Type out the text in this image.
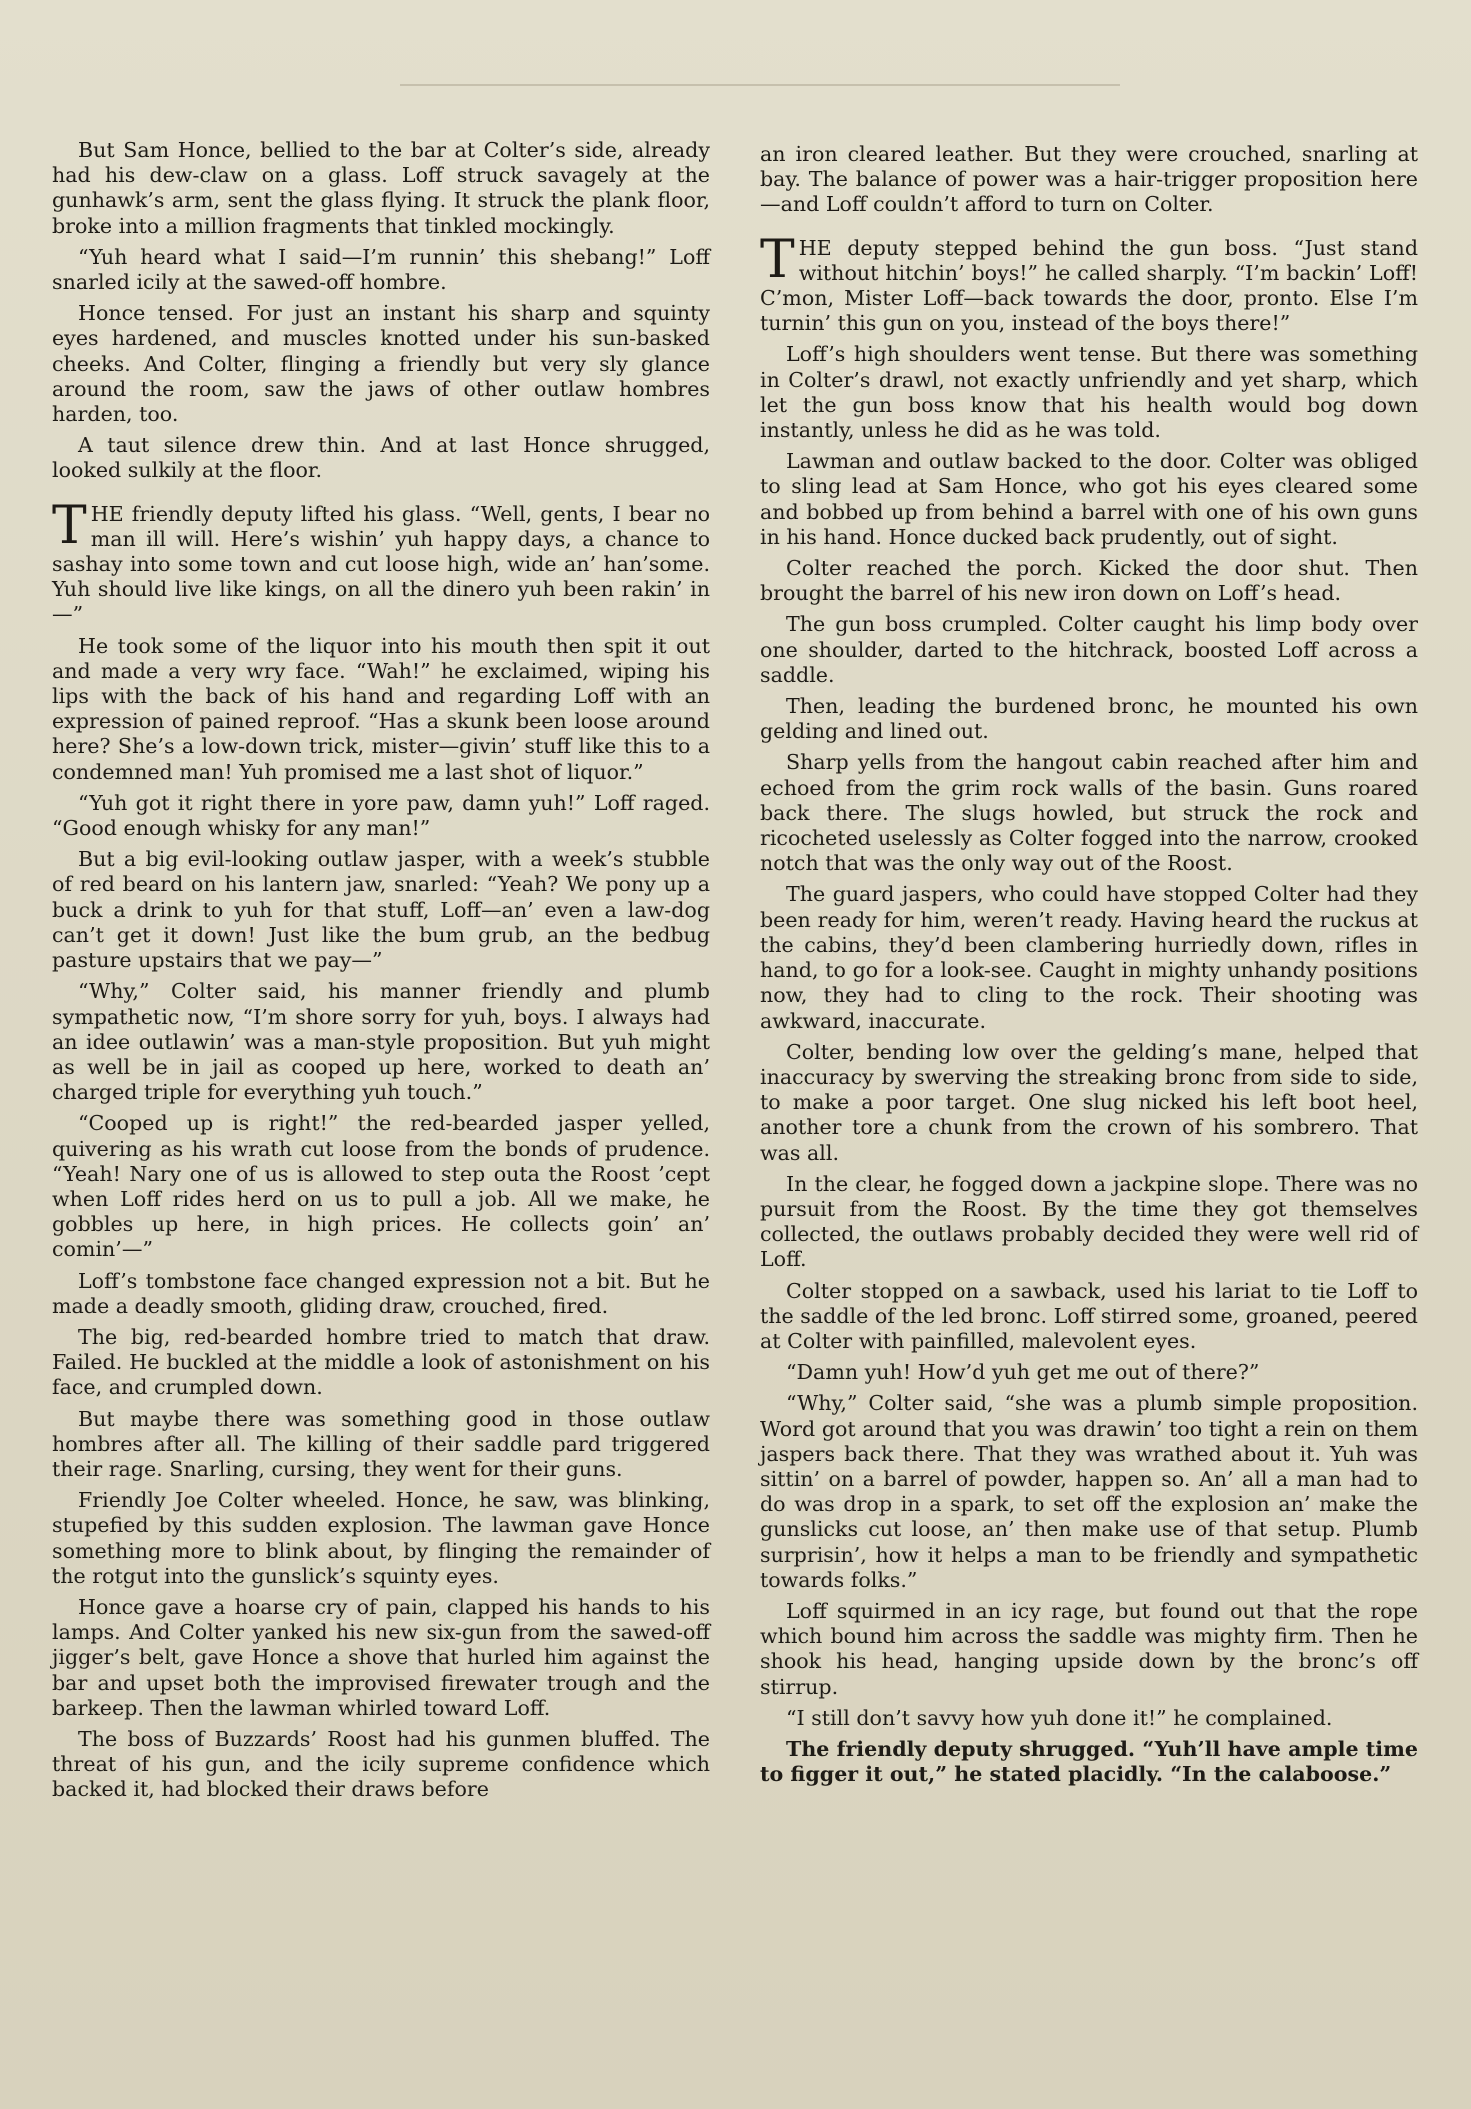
But Sam Honce, bellied to the bar at Colter’s side, already had his dew-claw on a glass. Loff struck savagely at the gunhawk’s arm, sent the glass flying. It struck the plank floor, broke into a million fragments that tinkled mockingly.

“Yuh heard what I said—I’m runnin’ this shebang!” Loff snarled icily at the sawed-off hombre.

Honce tensed. For just an instant his sharp and squinty eyes hardened, and muscles knotted under his sun-basked cheeks. And Colter, flinging a friendly but very sly glance around the room, saw the jaws of other outlaw hombres harden, too.

A taut silence drew thin. And at last Honce shrugged, looked sulkily at the floor.

THE friendly deputy lifted his glass. “Well, gents, I bear no man ill will. Here’s wishin’ yuh happy days, a chance to sashay into some town and cut loose high, wide an’ han’some. Yuh should live like kings, on all the dinero yuh been rakin’ in—”

He took some of the liquor into his mouth then spit it out and made a very wry face. “Wah!” he exclaimed, wiping his lips with the back of his hand and regarding Loff with an expression of pained reproof. “Has a skunk been loose around here? She’s a low-down trick, mister—givin’ stuff like this to a condemned man! Yuh promised me a last shot of liquor.”

“Yuh got it right there in yore paw, damn yuh!” Loff raged. “Good enough whisky for any man!”

But a big evil-looking outlaw jasper, with a week’s stubble of red beard on his lantern jaw, snarled: “Yeah? We pony up a buck a drink to yuh for that stuff, Loff—an’ even a law-dog can’t get it down! Just like the bum grub, an the bedbug pasture upstairs that we pay—”

“Why,” Colter said, his manner friendly and plumb sympathetic now, “I’m shore sorry for yuh, boys. I always had an idee outlawin’ was a man-style proposition. But yuh might as well be in jail as cooped up here, worked to death an’ charged triple for everything yuh touch.”

“Cooped up is right!” the red-bearded jasper yelled, quivering as his wrath cut loose from the bonds of prudence. “Yeah! Nary one of us is allowed to step outa the Roost ’cept when Loff rides herd on us to pull a job. All we make, he gobbles up here, in high prices. He collects goin’ an’ comin’—”

Loff’s tombstone face changed expression not a bit. But he made a deadly smooth, gliding draw, crouched, fired.

The big, red-bearded hombre tried to match that draw. Failed. He buckled at the middle a look of astonishment on his face, and crumpled down.

But maybe there was something good in those outlaw hombres after all. The killing of their saddle pard triggered their rage. Snarling, cursing, they went for their guns.

Friendly Joe Colter wheeled. Honce, he saw, was blinking, stupefied by this sudden explosion. The lawman gave Honce something more to blink about, by flinging the remainder of the rotgut into the gunslick’s squinty eyes.

Honce gave a hoarse cry of pain, clapped his hands to his lamps. And Colter yanked his new six-gun from the sawed-off jigger’s belt, gave Honce a shove that hurled him against the bar and upset both the improvised firewater trough and the barkeep. Then the lawman whirled toward Loff.

The boss of Buzzards’ Roost had his gunmen bluffed. The threat of his gun, and the icily supreme confidence which backed it, had blocked their draws before

an iron cleared leather. But they were crouched, snarling at bay. The balance of power was a hair-trigger proposition here—and Loff couldn’t afford to turn on Colter.

THE deputy stepped behind the gun boss. “Just stand without hitchin’ boys!” he called sharply. “I’m backin’ Loff! C’mon, Mister Loff—back towards the door, pronto. Else I’m turnin’ this gun on you, instead of the boys there!”

Loff’s high shoulders went tense. But there was something in Colter’s drawl, not exactly unfriendly and yet sharp, which let the gun boss know that his health would bog down instantly, unless he did as he was told.

Lawman and outlaw backed to the door. Colter was obliged to sling lead at Sam Honce, who got his eyes cleared some and bobbed up from behind a barrel with one of his own guns in his hand. Honce ducked back prudently, out of sight.

Colter reached the porch. Kicked the door shut. Then brought the barrel of his new iron down on Loff’s head.

The gun boss crumpled. Colter caught his limp body over one shoulder, darted to the hitchrack, boosted Loff across a saddle.

Then, leading the burdened bronc, he mounted his own gelding and lined out.

Sharp yells from the hangout cabin reached after him and echoed from the grim rock walls of the basin. Guns roared back there. The slugs howled, but struck the rock and ricocheted uselessly as Colter fogged into the narrow, crooked notch that was the only way out of the Roost.

The guard jaspers, who could have stopped Colter had they been ready for him, weren’t ready. Having heard the ruckus at the cabins, they’d been clambering hurriedly down, rifles in hand, to go for a look-see. Caught in mighty unhandy positions now, they had to cling to the rock. Their shooting was awkward, inaccurate.

Colter, bending low over the gelding’s mane, helped that inaccuracy by swerving the streaking bronc from side to side, to make a poor target. One slug nicked his left boot heel, another tore a chunk from the crown of his sombrero. That was all.

In the clear, he fogged down a jackpine slope. There was no pursuit from the Roost. By the time they got themselves collected, the outlaws probably decided they were well rid of Loff.

Colter stopped on a sawback, used his lariat to tie Loff to the saddle of the led bronc. Loff stirred some, groaned, peered at Colter with painfilled, malevolent eyes.

“Damn yuh! How’d yuh get me out of there?”

“Why,” Colter said, “she was a plumb simple proposition. Word got around that you was drawin’ too tight a rein on them jaspers back there. That they was wrathed about it. Yuh was sittin’ on a barrel of powder, happen so. An’ all a man had to do was drop in a spark, to set off the explosion an’ make the gunslicks cut loose, an’ then make use of that setup. Plumb surprisin’, how it helps a man to be friendly and sympathetic towards folks.”

Loff squirmed in an icy rage, but found out that the rope which bound him across the saddle was mighty firm. Then he shook his head, hanging upside down by the bronc’s off stirrup.

“I still don’t savvy how yuh done it!” he complained.

The friendly deputy shrugged. “Yuh’ll have ample time to figger it out,” he stated placidly. “In the calaboose.”
